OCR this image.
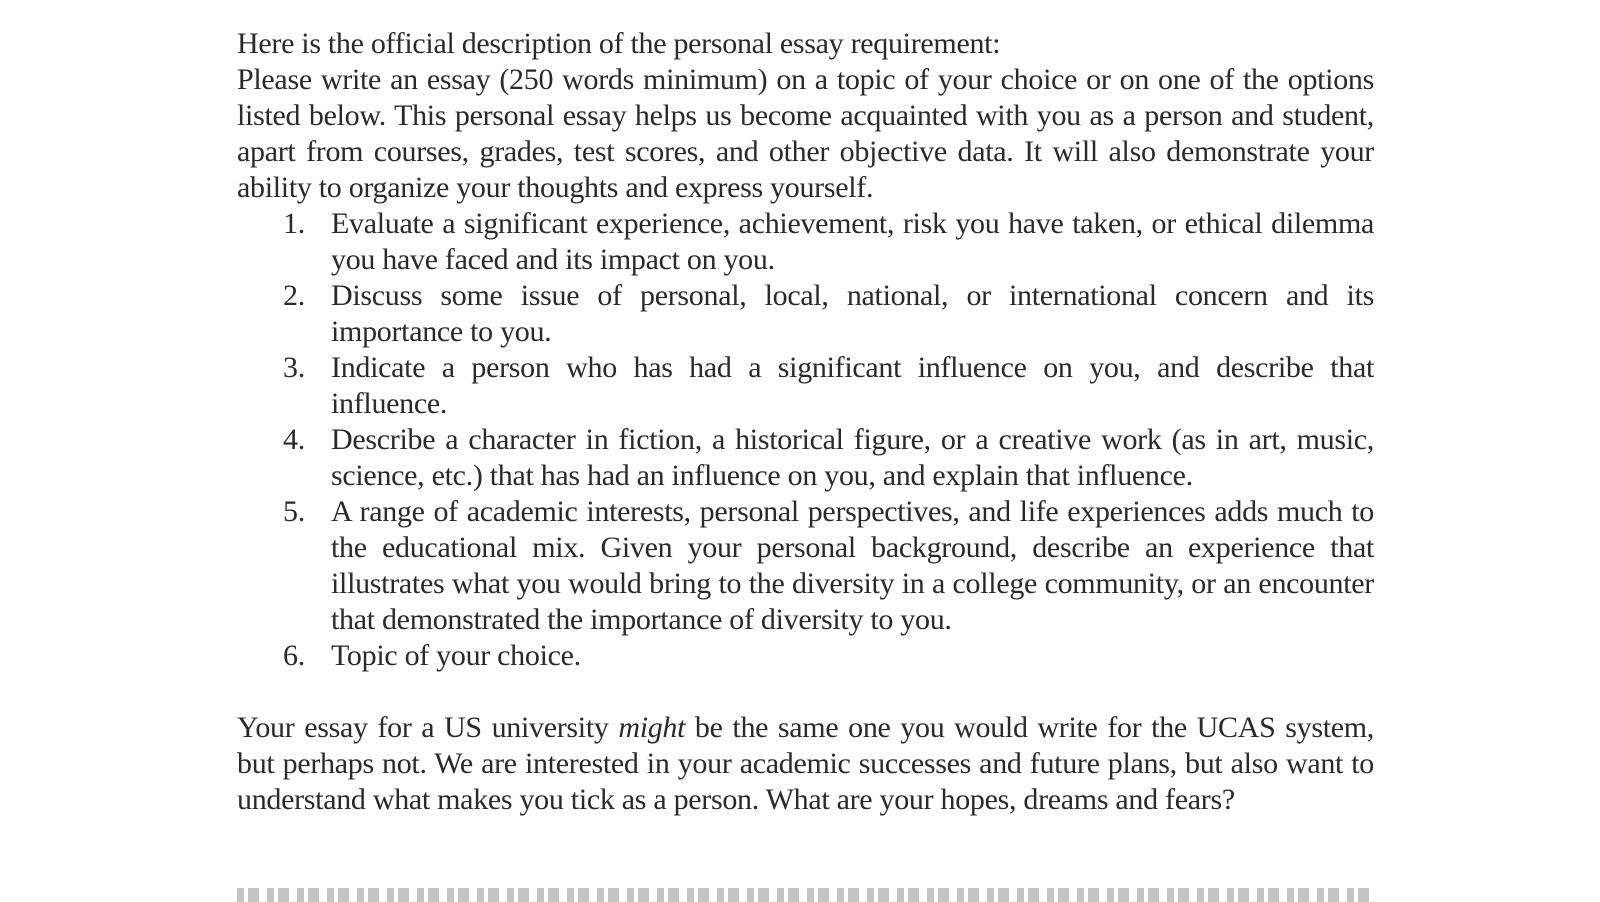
Here is the official description of the personal essay requirement:

Please write an essay (250 words minimum) on a topic of your choice or on one of the options listed below. This personal essay helps us become acquainted with you as a person and student, apart from courses, grades, test scores, and other objective data. It will also demonstrate your ability to organize your thoughts and express yourself.

1. Evaluate a significant experience, achievement, risk you have taken, or ethical dilemma you have faced and its impact on you.
2. Discuss some issue of personal, local, national, or international concern and its importance to you.
3. Indicate a person who has had a significant influence on you, and describe that influence.
4. Describe a character in fiction, a historical figure, or a creative work (as in art, music, science, etc.) that has had an influence on you, and explain that influence.
5. A range of academic interests, personal perspectives, and life experiences adds much to the educational mix. Given your personal background, describe an experience that illustrates what you would bring to the diversity in a college community, or an encounter that demonstrated the importance of diversity to you.
6. Topic of your choice.

Your essay for a US university might be the same one you would write for the UCAS system, but perhaps not. We are interested in your academic successes and future plans, but also want to understand what makes you tick as a person. What are your hopes, dreams and fears?
